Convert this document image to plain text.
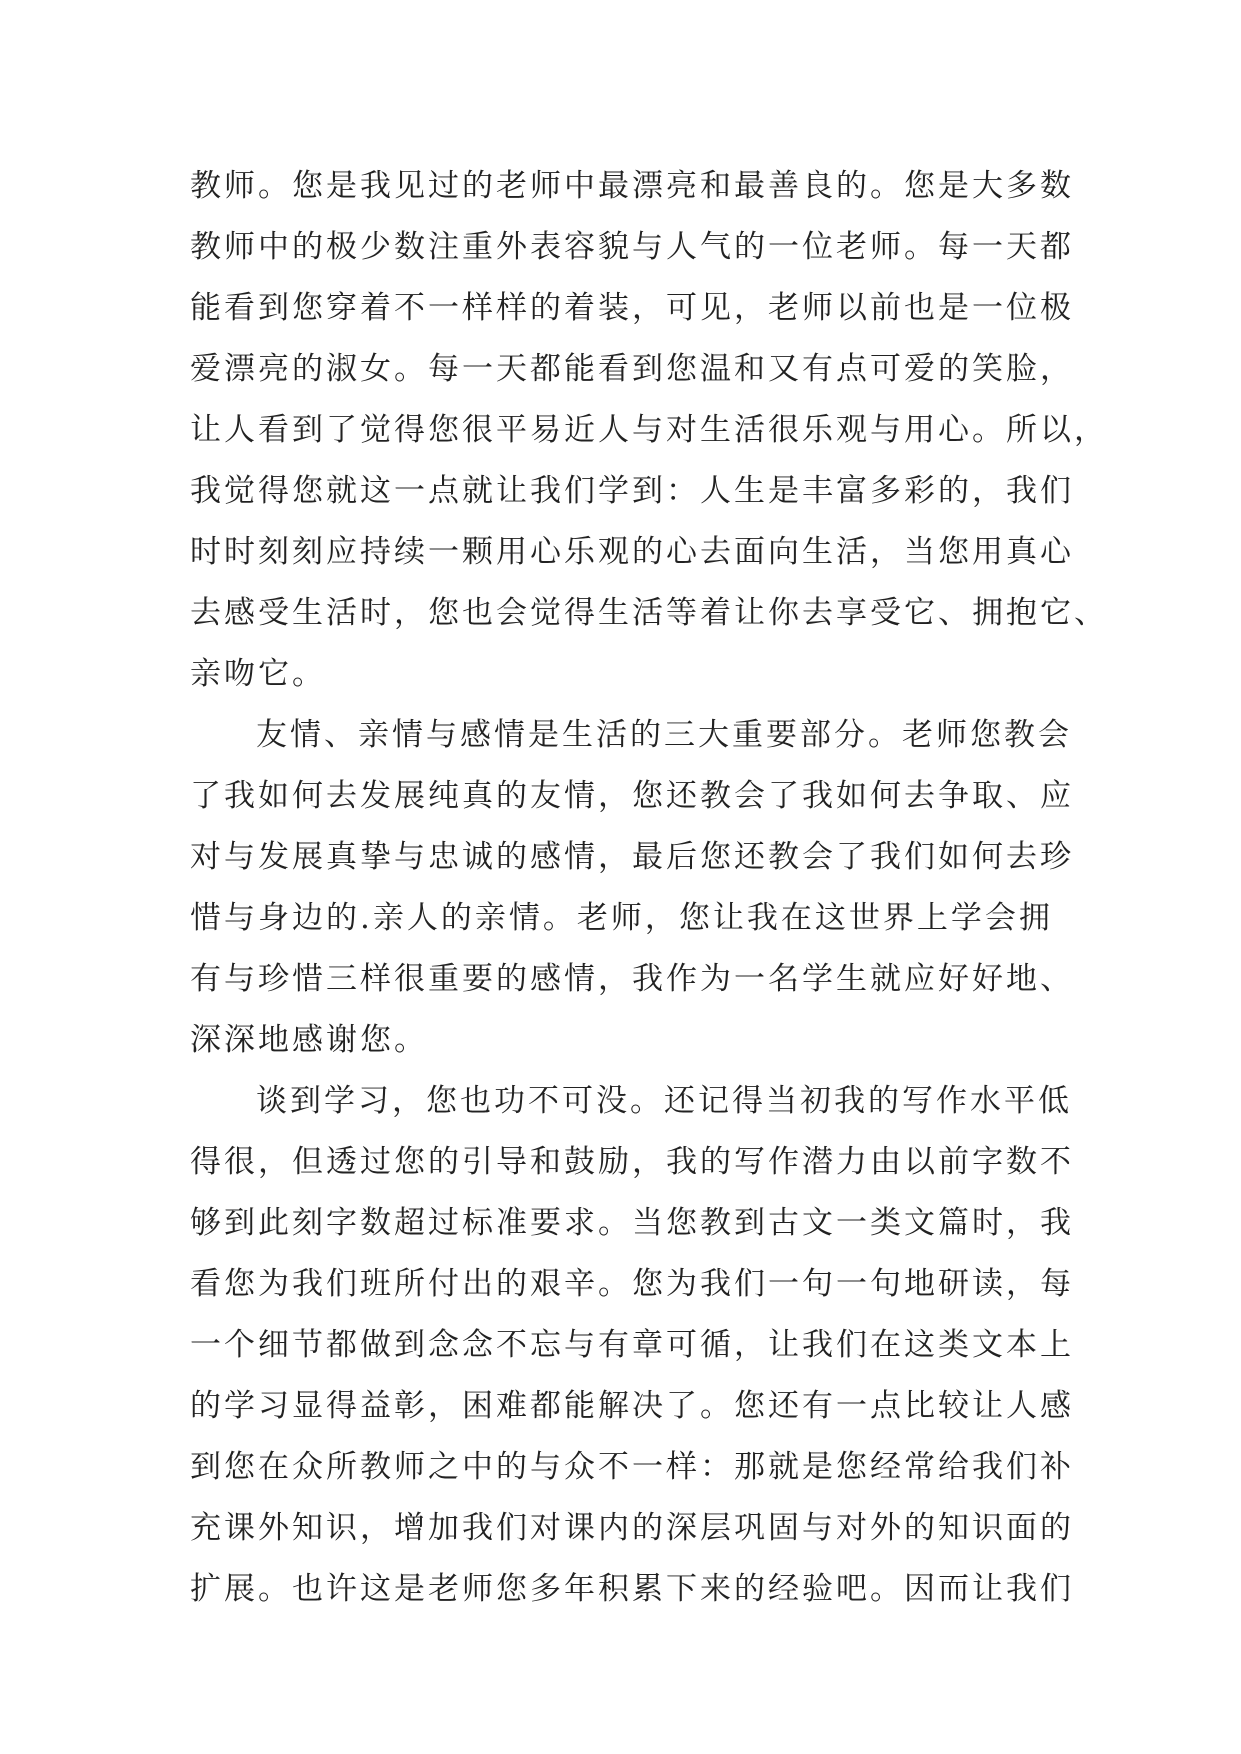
教师。您是我见过的老师中最漂亮和最善良的。您是大多数
教师中的极少数注重外表容貌与人气的一位老师。每一天都
能看到您穿着不一样样的着装，可见，老师以前也是一位极
爱漂亮的淑女。每一天都能看到您温和又有点可爱的笑脸，
让人看到了觉得您很平易近人与对生活很乐观与用心。所以，
我觉得您就这一点就让我们学到：人生是丰富多彩的，我们
时时刻刻应持续一颗用心乐观的心去面向生活，当您用真心
去感受生活时，您也会觉得生活等着让你去享受它、拥抱它、
亲吻它。
友情、亲情与感情是生活的三大重要部分。老师您教会
了我如何去发展纯真的友情，您还教会了我如何去争取、应
对与发展真挚与忠诚的感情，最后您还教会了我们如何去珍
惜与身边的.亲人的亲情。老师，您让我在这世界上学会拥
有与珍惜三样很重要的感情，我作为一名学生就应好好地、
深深地感谢您。
谈到学习，您也功不可没。还记得当初我的写作水平低
得很，但透过您的引导和鼓励，我的写作潜力由以前字数不
够到此刻字数超过标准要求。当您教到古文一类文篇时，我
看您为我们班所付出的艰辛。您为我们一句一句地研读，每
一个细节都做到念念不忘与有章可循，让我们在这类文本上
的学习显得益彰，困难都能解决了。您还有一点比较让人感
到您在众所教师之中的与众不一样：那就是您经常给我们补
充课外知识，增加我们对课内的深层巩固与对外的知识面的
扩展。也许这是老师您多年积累下来的经验吧。因而让我们
